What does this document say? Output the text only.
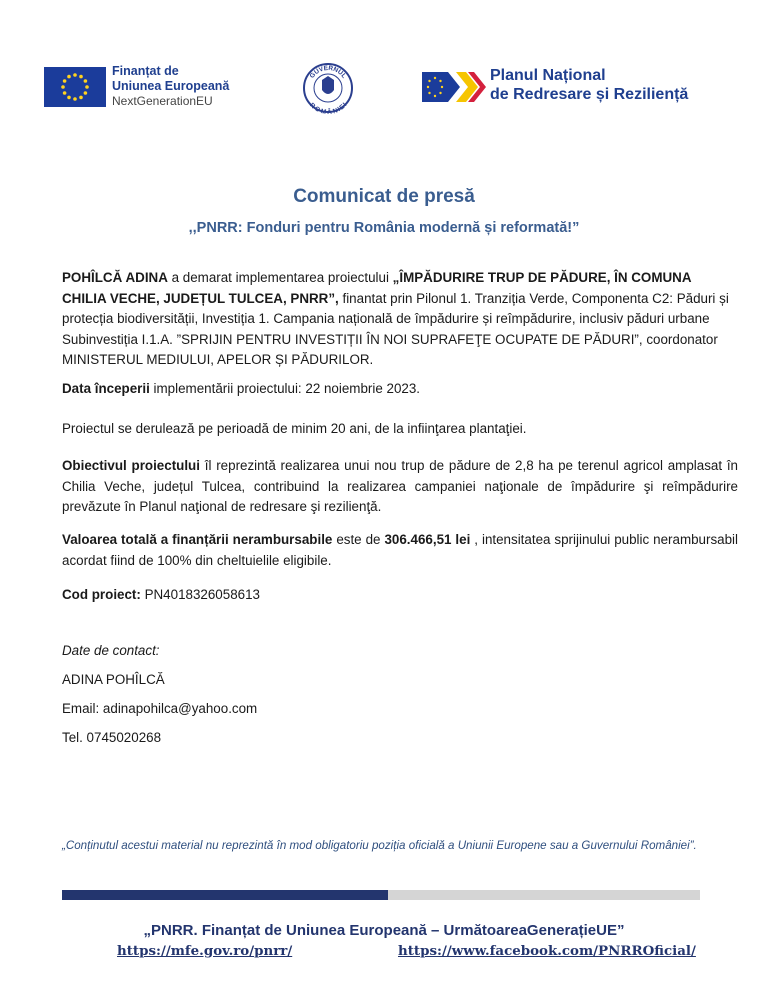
Finanțat de
Uniunea Europeană
NextGenerationEU
GUVERNUL
ROMÂNIEI
Planul Național
de Redresare și Reziliență
Comunicat de presă
,,PNRR: Fonduri pentru România modernă și reformată!”
POHÎLCĂ ADINA a demarat implementarea proiectului „ÎMPĂDURIRE TRUP DE PĂDURE, ÎN COMUNA CHILIA VECHE, JUDEȚUL TULCEA, PNRR”, finantat prin Pilonul 1. Tranziția Verde, Componenta C2: Păduri și protecția biodiversității, Investiția 1. Campania națională de împădurire și reîmpădurire, inclusiv păduri urbane Subinvestiția I.1.A. ”SPRIJIN PENTRU INVESTIȚII ÎN NOI SUPRAFEŢE OCUPATE DE PĂDURI”, coordonator MINISTERUL MEDIULUI, APELOR ȘI PĂDURILOR.
Data începerii implementării proiectului: 22 noiembrie 2023.
Proiectul se derulează pe perioadă de minim 20 ani, de la infiinţarea plantaţiei.
Obiectivul proiectului îl reprezintă realizarea unui nou trup de pădure de 2,8 ha pe terenul agricol amplasat în Chilia Veche, județul Tulcea, contribuind la realizarea campaniei naţionale de împădurire şi reîmpădurire prevăzute în Planul naţional de redresare şi rezilienţă.
Valoarea totală a finanțării nerambursabile este de 306.466,51 lei , intensitatea sprijinului public nerambursabil acordat fiind de 100% din cheltuielile eligibile.
Cod proiect: PN4018326058613
Date de contact:
ADINA POHÎLCĂ
Email: adinapohilca@yahoo.com
Tel. 0745020268
„Conținutul acestui material nu reprezintă în mod obligatoriu poziția oficială a Uniunii Europene sau a Guvernului României”.
„PNRR. Finanțat de Uniunea Europeană – UrmătoareaGenerațieUE”
https://mfe.gov.ro/pnrr/	https://www.facebook.com/PNRROficial/
